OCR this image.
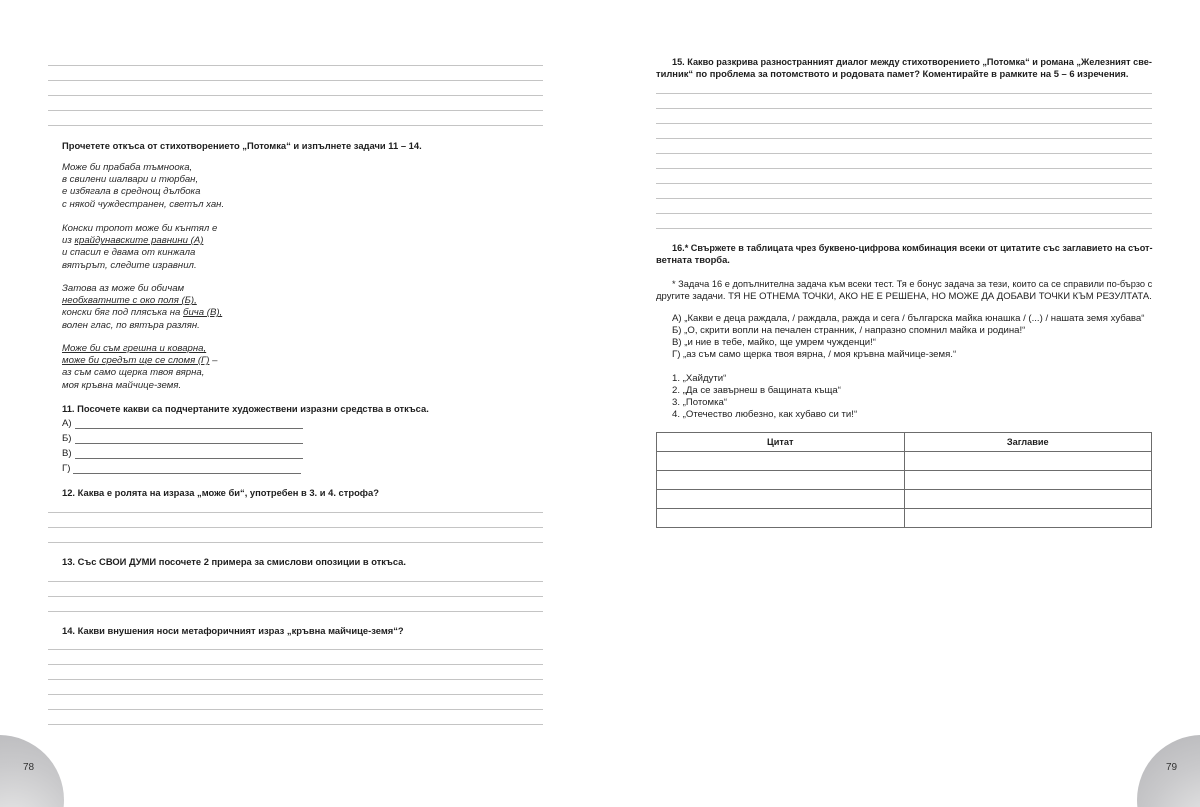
Прочетете откъса от стихотворението „Потомка“ и изпълнете задачи 11 – 14.
Може би прабаба тъмноока,
в свилени шалвари и тюрбан,
е избягала в среднощ дълбока
с някой чуждестранен, светъл хан.
Конски тропот може би кънтял е
из крайдунавските равнини (А)
и спасил е двама от кинжала
вятърът, следите изравнил.
Затова аз може би обичам
необхватните с око поля (Б),
конски бяг под плясъка на бича (В),
волен глас, по вятъра разлян.
Може би съм грешна и коварна,
може би средът ще се сломя (Г) –
аз съм само щерка твоя вярна,
моя кръвна майчице-земя.
11. Посочете какви са подчертаните художествени изразни средства в откъса.
А)
Б)
В)
Г)
12. Каква е ролята на израза „може би“, употребен в 3. и 4. строфа?
13. Със СВОИ ДУМИ посочете 2 примера за смислови опозиции в откъса.
14. Какви внушения носи метафоричният израз „кръвна майчице-земя“?
78
15. Какво разкрива разностранният диалог между стихотворението „Потомка“ и романа „Железният све-
тилник“ по проблема за потомството и родовата памет? Коментирайте в рамките на 5 – 6 изречения.
16.* Свържете в таблицата чрез буквено-цифрова комбинация всеки от цитатите със заглавието на съот-
ветната творба.
* Задача 16 е допълнителна задача към всеки тест. Тя е бонус задача за тези, които са се справили по-бързо с
другите задачи. ТЯ НЕ ОТНЕМА ТОЧКИ, АКО НЕ Е РЕШЕНА, НО МОЖЕ ДА ДОБАВИ ТОЧКИ КЪМ РЕЗУЛТАТА.
А) „Какви е деца раждала, / раждала, ражда и сега / българска майка юнашка / (...) / нашата земя хубава“
Б) „О, скрити вопли на печален странник, / напразно спомнил майка и родина!“
В) „и ние в тебе, майко, ще умрем чужденци!“
Г) „аз съм само щерка твоя вярна, / моя кръвна майчице-земя.“
1. „Хайдути“
2. „Да се завърнеш в бащината къща“
3. „Потомка“
4. „Отечество любезно, как хубаво си ти!“
Цитат	Заглавие

79
